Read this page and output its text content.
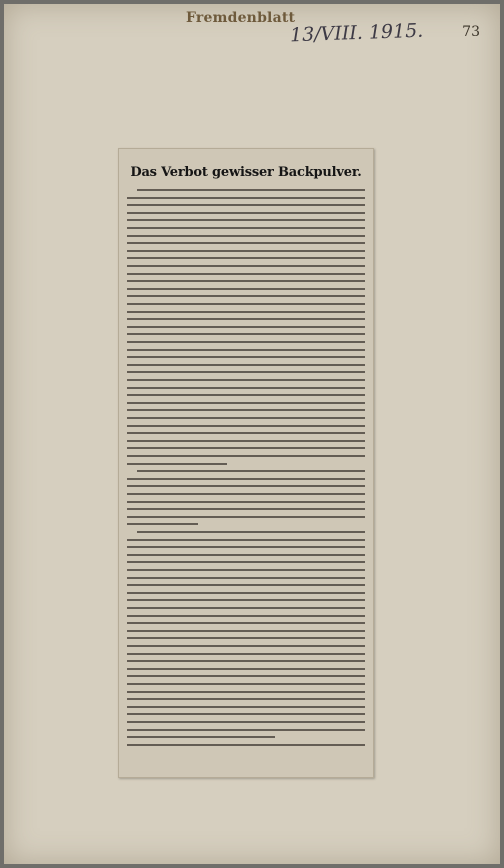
Fremdenblatt
13/VIII. 1915.	73
Das Verbot gewisser Backpulver.
